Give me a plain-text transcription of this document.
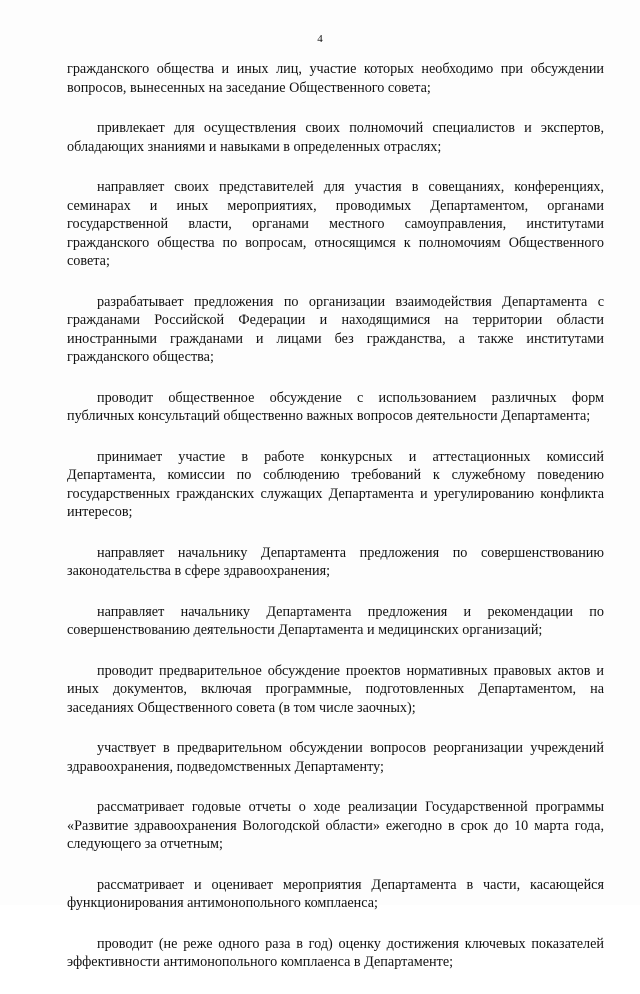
4

гражданского общества и иных лиц, участие которых необходимо при обсуждении вопросов, вынесенных на заседание Общественного совета;

привлекает для осуществления своих полномочий специалистов и экспертов, обладающих знаниями и навыками в определенных отраслях;

направляет своих представителей для участия в совещаниях, конференциях, семинарах и иных мероприятиях, проводимых Департаментом, органами государственной власти, органами местного самоуправления, институтами гражданского общества по вопросам, относящимся к полномочиям Общественного совета;

разрабатывает предложения по организации взаимодействия Департамента с гражданами Российской Федерации и находящимися на территории области иностранными гражданами и лицами без гражданства, а также институтами гражданского общества;

проводит общественное обсуждение с использованием различных форм публичных консультаций общественно важных вопросов деятельности Департамента;

принимает участие в работе конкурсных и аттестационных комиссий Департамента, комиссии по соблюдению требований к служебному поведению государственных гражданских служащих Департамента и урегулированию конфликта интересов;

направляет начальнику Департамента предложения по совершенствованию законодательства в сфере здравоохранения;

направляет начальнику Департамента предложения и рекомендации по совершенствованию деятельности Департамента и медицинских организаций;

проводит предварительное обсуждение проектов нормативных правовых актов и иных документов, включая программные, подготовленных Департаментом, на заседаниях Общественного совета (в том числе заочных);

участвует в предварительном обсуждении вопросов реорганизации учреждений здравоохранения, подведомственных Департаменту;

рассматривает годовые отчеты о ходе реализации Государственной программы «Развитие здравоохранения Вологодской области» ежегодно в срок до 10 марта года, следующего за отчетным;

рассматривает и оценивает мероприятия Департамента в части, касающейся функционирования антимонопольного комплаенса;

проводит (не реже одного раза в год) оценку достижения ключевых показателей эффективности антимонопольного комплаенса в Департаменте;
